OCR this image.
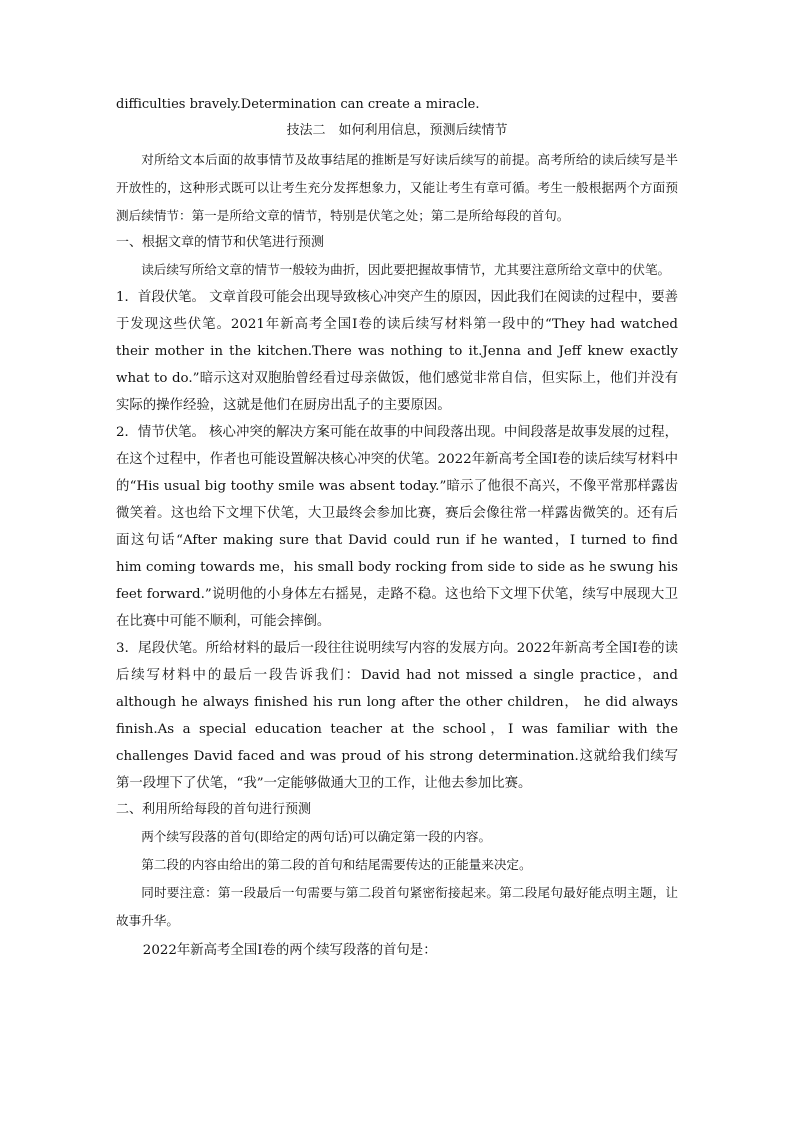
difficulties bravely.Determination can create a miracle.

技法二　如何利用信息，预测后续情节

对所给文本后面的故事情节及故事结尾的推断是写好读后续写的前提。高考所给的读后续写是半开放性的，这种形式既可以让考生充分发挥想象力，又能让考生有章可循。考生一般根据两个方面预测后续情节：第一是所给文章的情节，特别是伏笔之处；第二是所给每段的首句。

一、根据文章的情节和伏笔进行预测

读后续写所给文章的情节一般较为曲折，因此要把握故事情节，尤其要注意所给文章中的伏笔。

1．首段伏笔。 文章首段可能会出现导致核心冲突产生的原因，因此我们在阅读的过程中，要善于发现这些伏笔。2021年新高考全国Ⅰ卷的读后续写材料第一段中的“They had watched their mother in the kitchen.There was nothing to it.Jenna and Jeff knew exactly what to do.”暗示这对双胞胎曾经看过母亲做饭，他们感觉非常自信，但实际上，他们并没有实际的操作经验，这就是他们在厨房出乱子的主要原因。

2．情节伏笔。 核心冲突的解决方案可能在故事的中间段落出现。中间段落是故事发展的过程，在这个过程中，作者也可能设置解决核心冲突的伏笔。2022年新高考全国Ⅰ卷的读后续写材料中的“His usual big toothy smile was absent today.”暗示了他很不高兴，不像平常那样露齿微笑着。这也给下文埋下伏笔，大卫最终会参加比赛，赛后会像往常一样露齿微笑的。还有后面这句话“After making sure that David could run if he wanted，I turned to find him coming towards me，his small body rocking from side to side as he swung his feet forward.”说明他的小身体左右摇晃，走路不稳。这也给下文埋下伏笔，续写中展现大卫在比赛中可能不顺利，可能会摔倒。

3．尾段伏笔。所给材料的最后一段往往说明续写内容的发展方向。2022年新高考全国Ⅰ卷的读后续写材料中的最后一段告诉我们：David had not missed a single practice，and although he always finished his run long after the other children， he did always finish.As a special education teacher at the school，I was familiar with the challenges David faced and was proud of his strong determination.这就给我们续写第一段埋下了伏笔，“我”一定能够做通大卫的工作，让他去参加比赛。

二、利用所给每段的首句进行预测

两个续写段落的首句(即给定的两句话)可以确定第一段的内容。

第二段的内容由给出的第二段的首句和结尾需要传达的正能量来决定。

同时要注意：第一段最后一句需要与第二段首句紧密衔接起来。第二段尾句最好能点明主题，让故事升华。

2022年新高考全国Ⅰ卷的两个续写段落的首句是：
